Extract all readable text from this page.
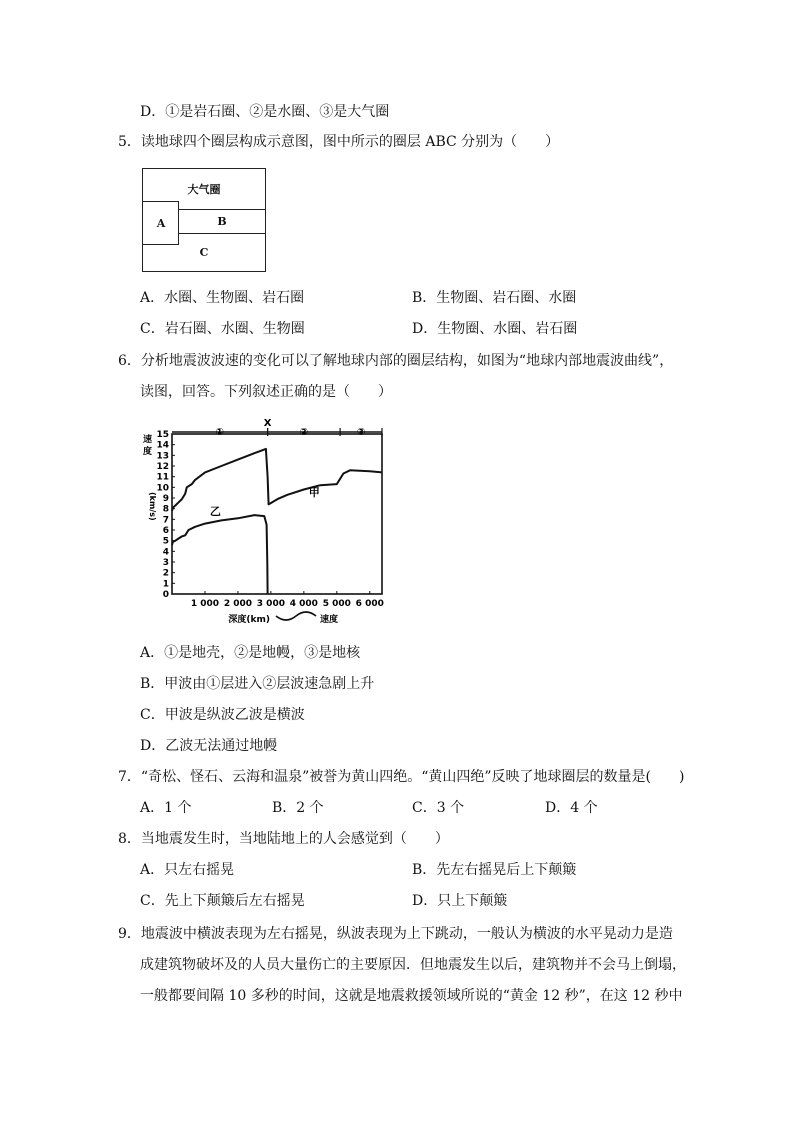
D．①是岩石圈、②是水圈、③是大气圈
5．读地球四个圈层构成示意图，图中所示的圈层 ABC 分别为（　　）
大气圈
A	B
C
A．水圈、生物圈、岩石圈	B．生物圈、岩石圈、水圈
C．岩石圈、水圈、生物圈	D．生物圈、水圈、岩石圈
6．分析地震波波速的变化可以了解地球内部的圈层结构，如图为“地球内部地震波曲线”，
读图，回答。下列叙述正确的是（　　）
0
1
2
3
4
5
6
7
8
9
10
11
12
13
14
15
1 000 2 000 3 000 4 000 5 000 6 000
速
度
(km/s)
深度(km)	速度
①
X
②	③
甲
乙
A．①是地壳，②是地幔，③是地核
B．甲波由①层进入②层波速急剧上升
C．甲波是纵波乙波是横波
D．乙波无法通过地幔
7．“奇松、怪石、云海和温泉”被誉为黄山四绝。“黄山四绝”反映了地球圈层的数量是(　　)
A．1 个	B．2 个	C．3 个	D．4 个
8．当地震发生时，当地陆地上的人会感觉到（　　）
A．只左右摇晃	B．先左右摇晃后上下颠簸
C．先上下颠簸后左右摇晃	D．只上下颠簸
9．地震波中横波表现为左右摇晃，纵波表现为上下跳动，一般认为横波的水平晃动力是造
成建筑物破坏及的人员大量伤亡的主要原因．但地震发生以后，建筑物并不会马上倒塌，
一般都要间隔 10 多秒的时间，这就是地震救援领域所说的“黄金 12 秒”，在这 12 秒中
